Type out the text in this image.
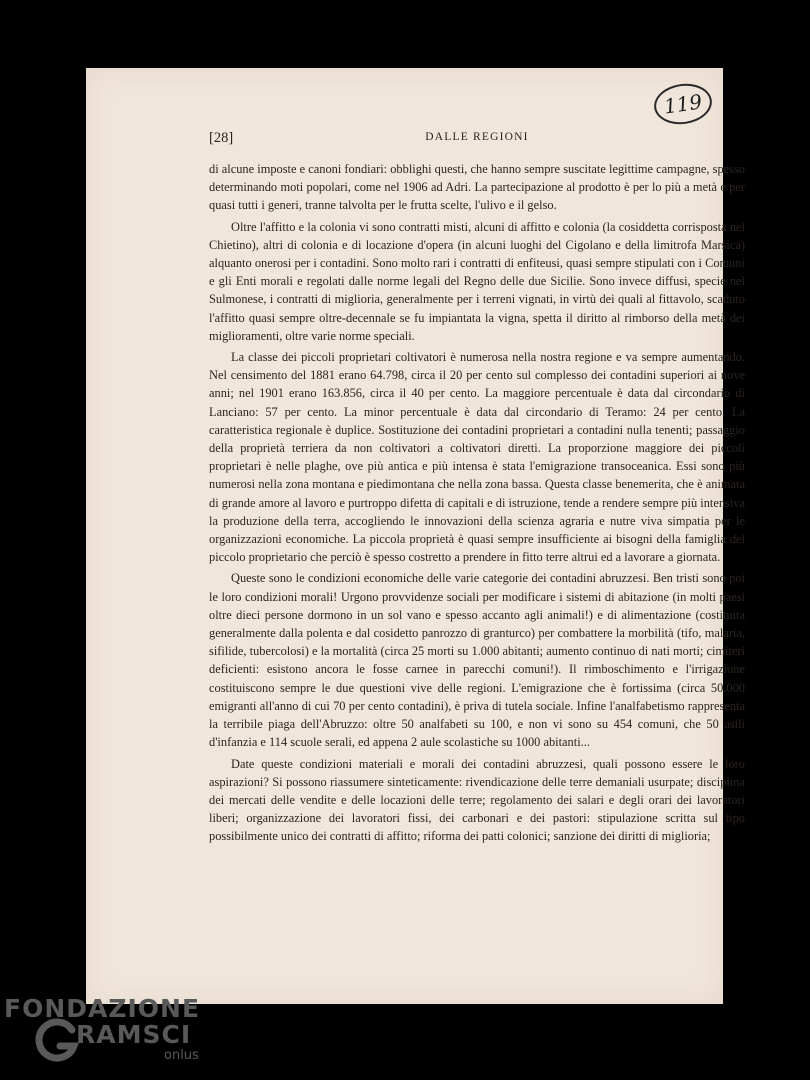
119
[28]	DALLE REGIONI

di alcune imposte e canoni fondiari: obblighi questi, che hanno sempre suscitate legittime campagne, spesso determinando moti popolari, come nel 1906 ad Adri. La partecipazione al prodotto è per lo più a metà e per quasi tutti i generi, tranne talvolta per le frutta scelte, l'ulivo e il gelso.

Oltre l'affitto e la colonia vi sono contratti misti, alcuni di affitto e colonia (la cosiddetta corrisposta nel Chietino), altri di colonia e di locazione d'opera (in alcuni luoghi del Cigolano e della limitrofa Marsica) alquanto onerosi per i contadini. Sono molto rari i contratti di enfiteusi, quasi sempre stipulati con i Comuni e gli Enti morali e regolati dalle norme legali del Regno delle due Sicilie. Sono invece diffusi, specie nel Sulmonese, i contratti di miglioria, generalmente per i terreni vignati, in virtù dei quali al fittavolo, scaduto l'affitto quasi sempre oltre-decennale se fu impiantata la vigna, spetta il diritto al rimborso della metà dei miglioramenti, oltre varie norme speciali.

La classe dei piccoli proprietari coltivatori è numerosa nella nostra regione e va sempre aumentando. Nel censimento del 1881 erano 64.798, circa il 20 per cento sul complesso dei contadini superiori ai nove anni; nel 1901 erano 163.856, circa il 40 per cento. La maggiore percentuale è data dal circondario di Lanciano: 57 per cento. La minor percentuale è data dal circondario di Teramo: 24 per cento. La caratteristica regionale è duplice. Sostituzione dei contadini proprietari a contadini nulla tenenti; passaggio della proprietà terriera da non coltivatori a coltivatori diretti. La proporzione maggiore dei piccoli proprietari è nelle plaghe, ove più antica e più intensa è stata l'emigrazione transoceanica. Essi sono più numerosi nella zona montana e piedimontana che nella zona bassa. Questa classe benemerita, che è animata di grande amore al lavoro e purtroppo difetta di capitali e di istruzione, tende a rendere sempre più intensiva la produzione della terra, accogliendo le innovazioni della scienza agraria e nutre viva simpatia per le organizzazioni economiche. La piccola proprietà è quasi sempre insufficiente ai bisogni della famiglia del piccolo proprietario che perciò è spesso costretto a prendere in fitto terre altrui ed a lavorare a giornata.

Queste sono le condizioni economiche delle varie categorie dei contadini abruzzesi. Ben tristi sono poi le loro condizioni morali! Urgono provvidenze sociali per modificare i sistemi di abitazione (in molti paesi oltre dieci persone dormono in un sol vano e spesso accanto agli animali!) e di alimentazione (costituita generalmente dalla polenta e dal cosidetto panrozzo di granturco) per combattere la morbilità (tifo, malaria, sifilide, tubercolosi) e la mortalità (circa 25 morti su 1.000 abitanti; aumento continuo di nati morti; cimiteri deficienti: esistono ancora le fosse carnee in parecchi comuni!). Il rimboschimento e l'irrigazione costituiscono sempre le due questioni vive delle regioni. L'emigrazione che è fortissima (circa 50.000 emigranti all'anno di cui 70 per cento contadini), è priva di tutela sociale. Infine l'analfabetismo rappresenta la terribile piaga dell'Abruzzo: oltre 50 analfabeti su 100, e non vi sono su 454 comuni, che 50 asili d'infanzia e 114 scuole serali, ed appena 2 aule scolastiche su 1000 abitanti...

Date queste condizioni materiali e morali dei contadini abruzzesi, quali possono essere le loro aspirazioni? Si possono riassumere sinteticamente: rivendicazione delle terre demaniali usurpate; disciplina dei mercati delle vendite e delle locazioni delle terre; regolamento dei salari e degli orari dei lavoratori liberi; organizzazione dei lavoratori fissi, dei carbonari e dei pastori: stipulazione scritta sul tipo possibilmente unico dei contratti di affitto; riforma dei patti colonici; sanzione dei diritti di miglioria;

FONDAZIONE
RAMSCI
onlus
